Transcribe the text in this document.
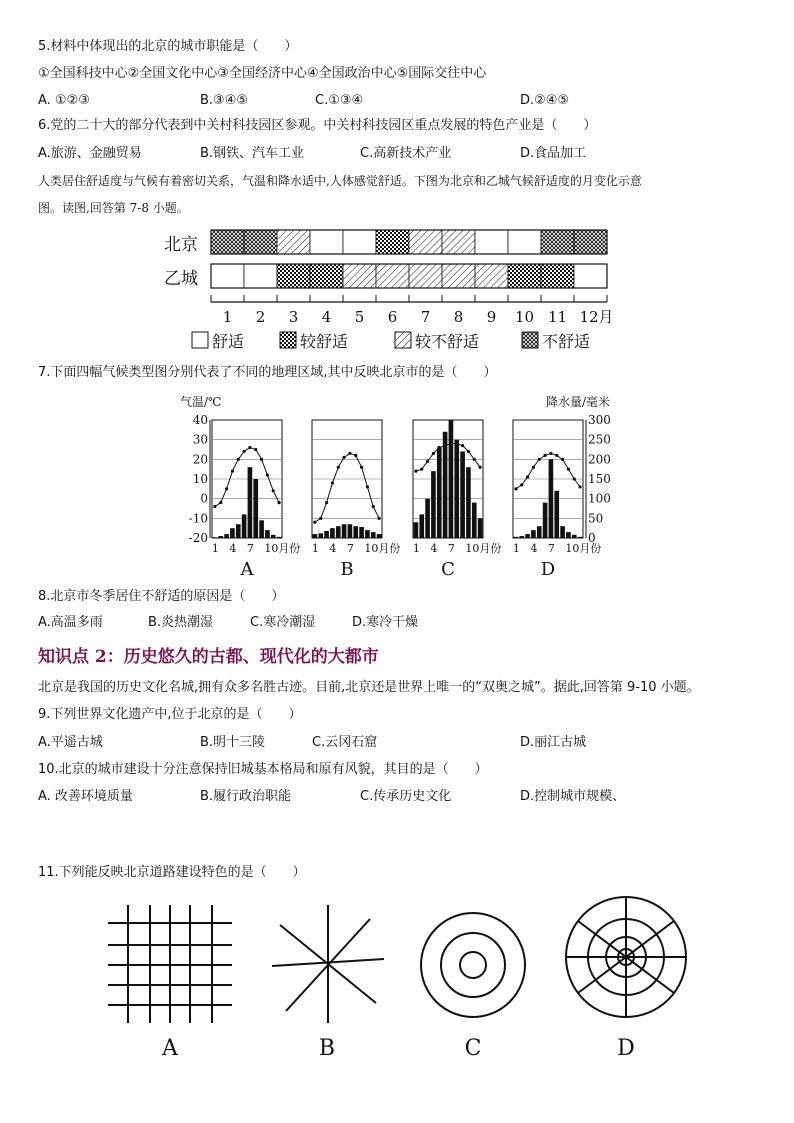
5.材料中体现出的北京的城市职能是（　　）
①全国科技中心②全国文化中心③全国经济中心④全国政治中心⑤国际交往中心
A. ①②③	B.③④⑤	C.①③④	D.②④⑤
6.党的二十大的部分代表到中关村科技园区参观。中关村科技园区重点发展的特色产业是（　　）
A.旅游、金融贸易	B.钢铁、汽车工业	C.高新技术产业	D.食品加工
人类居住舒适度与气候有着密切关系，气温和降水适中,人体感觉舒适。下图为北京和乙城气候舒适度的月变化示意
图。读图,回答第 7-8 小题。
北京
乙城
1 2 3 4 5 6 7 8 9 10 11 12月
舒适	较舒适	较不舒适	不舒适
7.下面四幅气候类型图分别代表了不同的地理区域,其中反映北京市的是（　　）
气温/℃	降水量/毫米
40
30
20
10
0
-10
-20
300
250
200
150
100
50
0
1 4 7 10月份
A
1 4 7 10月份
B
1 4 7 10月份
C
1 4 7 10月份
D
8.北京市冬季居住不舒适的原因是（　　）
A.高温多雨	B.炎热潮湿	C.寒冷潮湿	D.寒冷干燥
知识点 2：历史悠久的古都、现代化的大都市
北京是我国的历史文化名城,拥有众多名胜古迹。目前,北京还是世界上唯一的“双奥之城”。据此,回答第 9-10 小题。
9.下列世界文化遗产中,位于北京的是（　　）
A.平遥古城	B.明十三陵	C.云冈石窟	D.丽江古城
10.北京的城市建设十分注意保持旧城基本格局和原有风貌，其目的是（　　）
A. 改善环境质量	B.履行政治职能	C.传承历史文化	D.控制城市规模、
11.下列能反映北京道路建设特色的是（　　）
A	B	C	D
